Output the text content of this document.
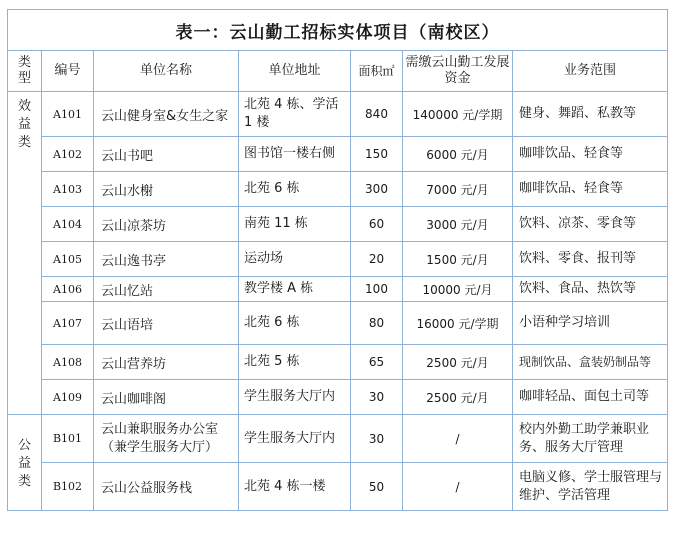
表一：云山勤工招标实体项目（南校区）						
类型	编号	单位名称	单位地址	面积㎡	需缴云山勤工发展资金	业务范围
效益类	A101	云山健身室&女生之家	北苑 4 栋、学活 1 楼	840	140000 元/学期	健身、舞蹈、私教等
	A102	云山书吧	图书馆一楼右侧	150	6000 元/月	咖啡饮品、轻食等
	A103	云山水榭	北苑 6 栋	300	7000 元/月	咖啡饮品、轻食等
	A104	云山凉茶坊	南苑 11 栋	60	3000 元/月	饮料、凉茶、零食等
	A105	云山逸书亭	运动场	20	1500 元/月	饮料、零食、报刊等
	A106	云山忆站	教学楼 A 栋	100	10000 元/月	饮料、食品、热饮等
	A107	云山语培	北苑 6 栋	80	16000 元/学期	小语种学习培训
	A108	云山营养坊	北苑 5 栋	65	2500 元/月	现制饮品、盒装奶制品等
	A109	云山咖啡阁	学生服务大厅内	30	2500 元/月	咖啡轻品、面包土司等
公益类	B101	云山兼职服务办公室（兼学生服务大厅）	学生服务大厅内	30	/	校内外勤工助学兼职业务、服务大厅管理
	B102	云山公益服务栈	北苑 4 栋一楼	50	/	电脑义修、学士服管理与维护、学活管理
